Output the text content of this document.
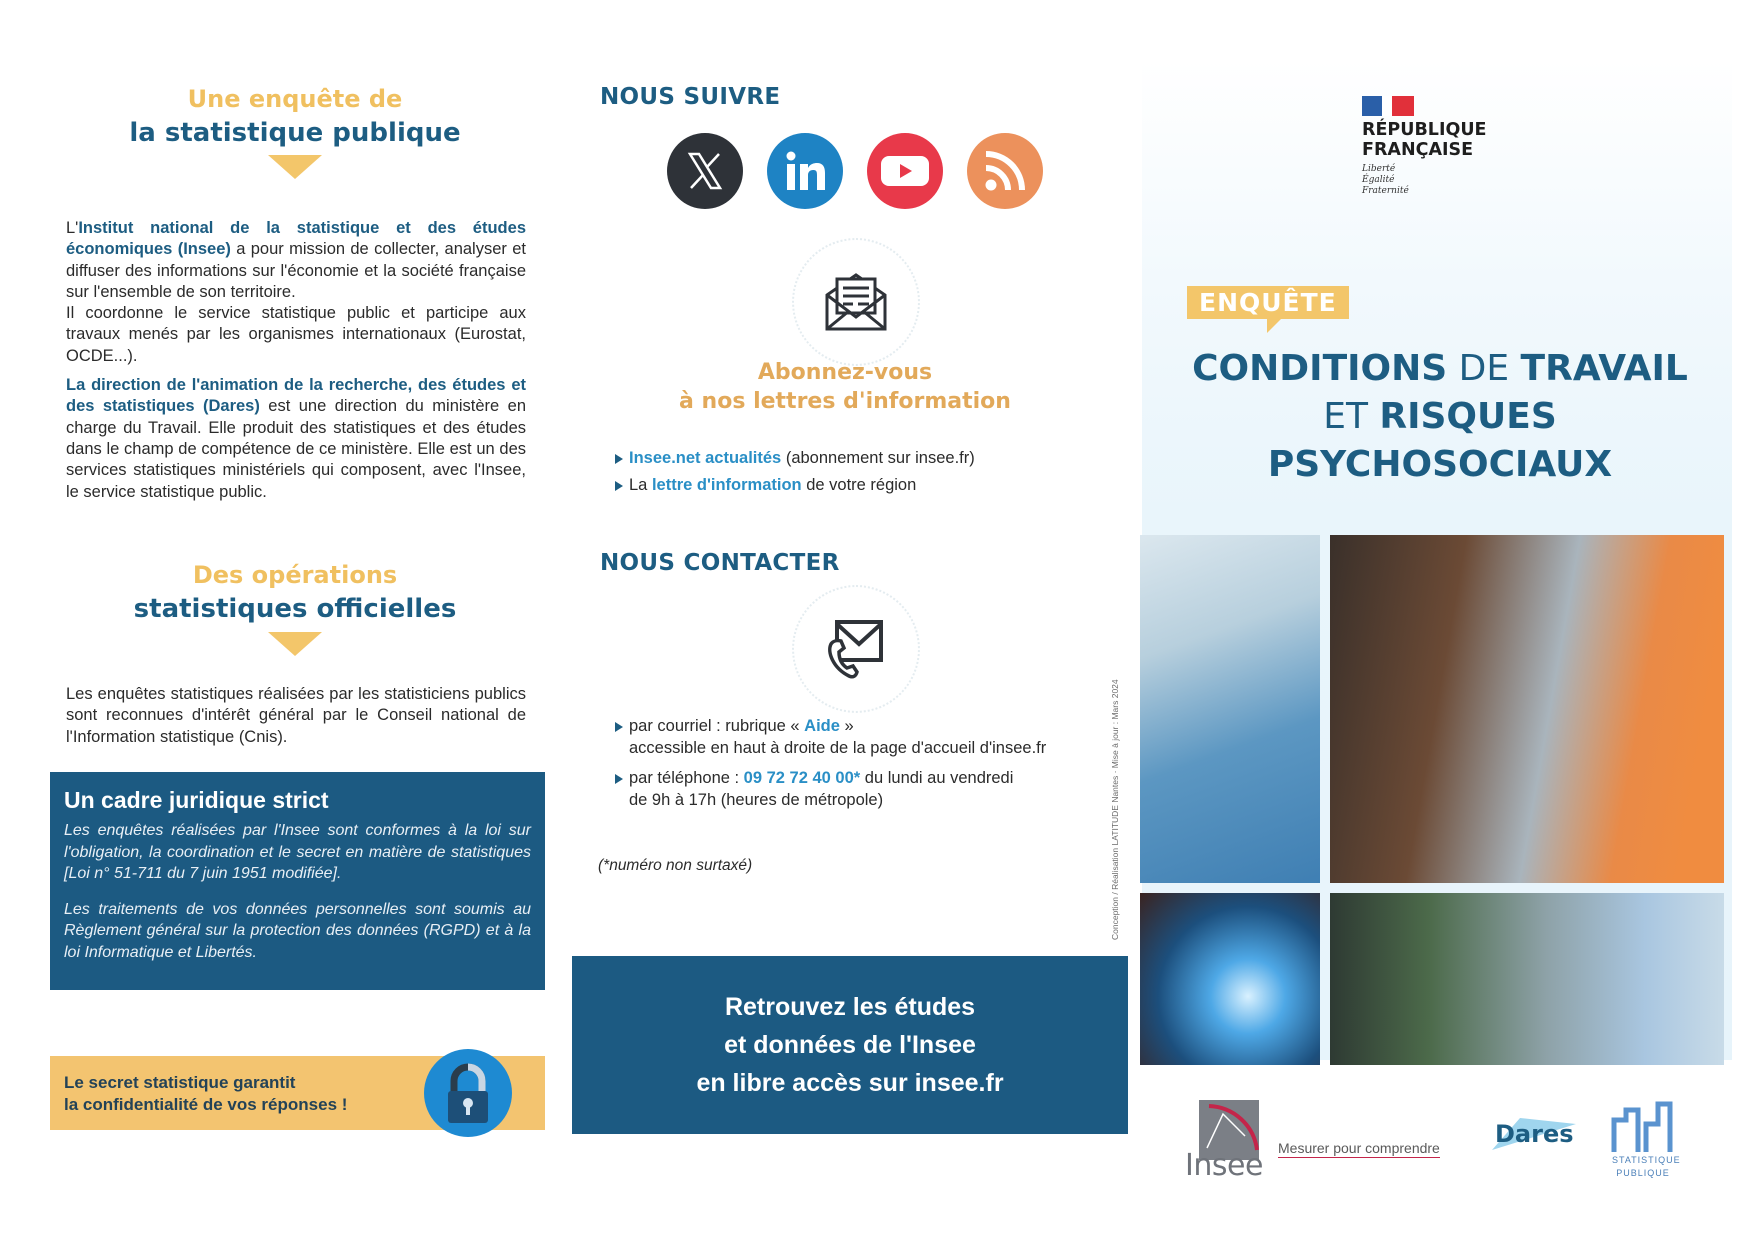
Une enquête de
la statistique publique

L'Institut national de la statistique et des études économiques (Insee) a pour mission de collecter, analyser et diffuser des informations sur l'économie et la société française sur l'ensemble de son territoire.
Il coordonne le service statistique public et participe aux travaux menés par les organismes internationaux (Eurostat, OCDE...).

La direction de l'animation de la recherche, des études et des statistiques (Dares) est une direction du ministère en charge du Travail. Elle produit des statistiques et des études dans le champ de compétence de ce ministère. Elle est un des services statistiques ministériels qui composent, avec l'Insee, le service statistique public.

Des opérations
statistiques officielles

Les enquêtes statistiques réalisées par les statisticiens publics sont reconnues d'intérêt général par le Conseil national de l'Information statistique (Cnis).

Un cadre juridique strict

Les enquêtes réalisées par l'Insee sont conformes à la loi sur l'obligation, la coordination et le secret en matière de statistiques [Loi n° 51-711 du 7 juin 1951 modifiée].

Les traitements de vos données personnelles sont soumis au Règlement général sur la protection des données (RGPD) et à la loi Informatique et Libertés.

Le secret statistique garantit
la confidentialité de vos réponses !
NOUS SUIVRE
Abonnez-vous
à nos lettres d'information
Insee.net actualités (abonnement sur insee.fr)
La lettre d'information de votre région
NOUS CONTACTER
par courriel : rubrique « Aide »
accessible en haut à droite de la page d'accueil d'insee.fr
par téléphone : 09 72 72 40 00* du lundi au vendredi
de 9h à 17h (heures de métropole)
(*numéro non surtaxé)
Retrouvez les études
et données de l'Insee
en libre accès sur insee.fr
Conception / Réalisation LATITUDE Nantes · Mise à jour : Mars 2024
RÉPUBLIQUE
FRANÇAISE
Liberté
Égalité
Fraternité
ENQUÊTE
CONDITIONS DE TRAVAIL
ET RISQUES
PSYCHOSOCIAUX
Insee Mesurer pour comprendre Dares
STATISTIQUE
PUBLIQUE
